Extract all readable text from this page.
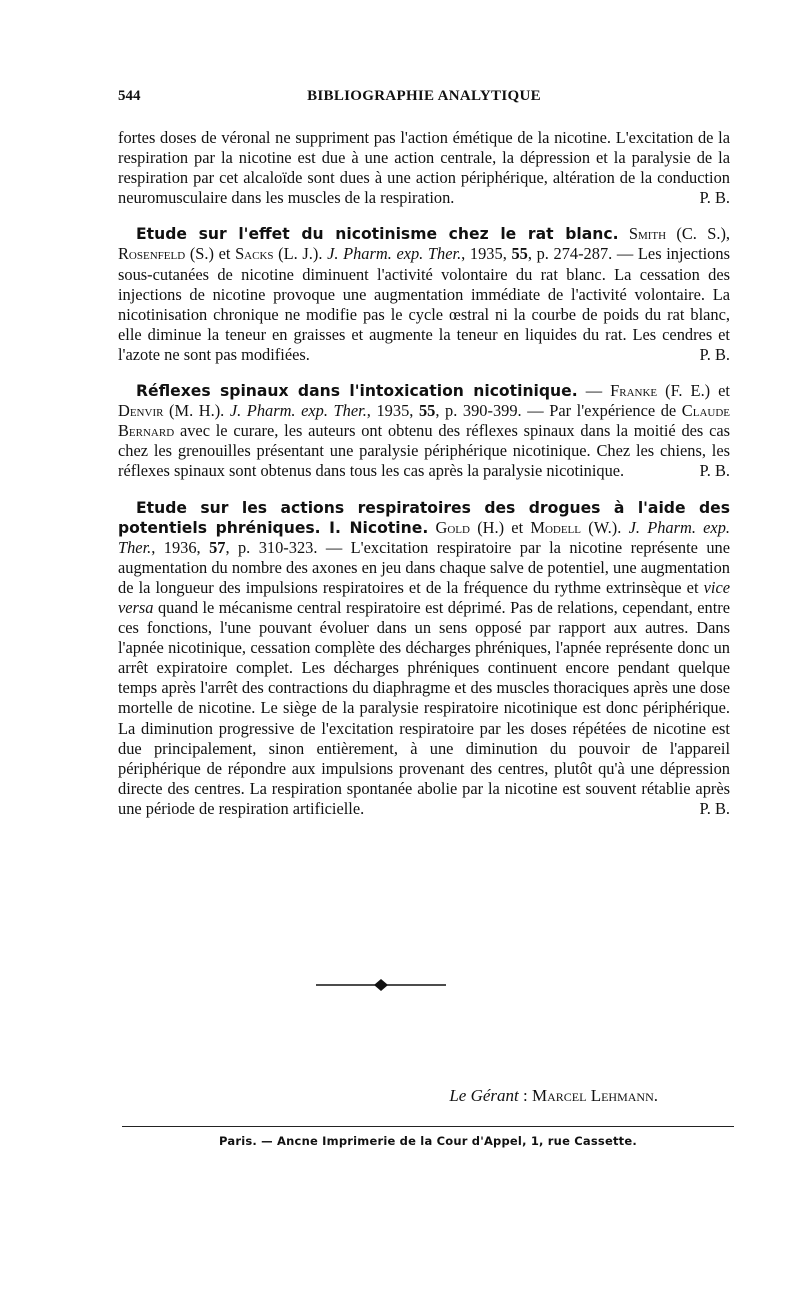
544	BIBLIOGRAPHIE ANALYTIQUE

fortes doses de véronal ne suppriment pas l'action émétique de la nicotine. L'excitation de la respiration par la nicotine est due à une action centrale, la dépression et la paralysie de la respiration par cet alcaloïde sont dues à une action périphérique, altération de la conduction neuromusculaire dans les muscles de la respiration.	P. B.

Etude sur l'effet du nicotinisme chez le rat blanc. Smith (C. S.), Rosenfeld (S.) et Sacks (L. J.). J. Pharm. exp. Ther., 1935, 55, p. 274-287. — Les injections sous-cutanées de nicotine diminuent l'activité volontaire du rat blanc. La cessation des injections de nicotine provoque une augmentation immédiate de l'activité volontaire. La nicotinisation chronique ne modifie pas le cycle œstral ni la courbe de poids du rat blanc, elle diminue la teneur en graisses et augmente la teneur en liquides du rat. Les cendres et l'azote ne sont pas modifiées.	P. B.

Réflexes spinaux dans l'intoxication nicotinique. — Franke (F. E.) et Denvir (M. H.). J. Pharm. exp. Ther., 1935, 55, p. 390-399. — Par l'expérience de Claude Bernard avec le curare, les auteurs ont obtenu des réflexes spinaux dans la moitié des cas chez les grenouilles présentant une paralysie périphérique nicotinique. Chez les chiens, les réflexes spinaux sont obtenus dans tous les cas après la paralysie nicotinique.	P. B.

Etude sur les actions respiratoires des drogues à l'aide des potentiels phréniques. I. Nicotine. Gold (H.) et Modell (W.). J. Pharm. exp. Ther., 1936, 57, p. 310-323. — L'excitation respiratoire par la nicotine représente une augmentation du nombre des axones en jeu dans chaque salve de potentiel, une augmentation de la longueur des impulsions respiratoires et de la fréquence du rythme extrinsèque et vice versa quand le mécanisme central respiratoire est déprimé. Pas de relations, cependant, entre ces fonctions, l'une pouvant évoluer dans un sens opposé par rapport aux autres. Dans l'apnée nicotinique, cessation complète des décharges phréniques, l'apnée représente donc un arrêt expiratoire complet. Les décharges phréniques continuent encore pendant quelque temps après l'arrêt des contractions du diaphragme et des muscles thoraciques après une dose mortelle de nicotine. Le siège de la paralysie respiratoire nicotinique est donc périphérique. La diminution progressive de l'excitation respiratoire par les doses répétées de nicotine est due principalement, sinon entièrement, à une diminution du pouvoir de l'appareil périphérique de répondre aux impulsions provenant des centres, plutôt qu'à une dépression directe des centres. La respiration spontanée abolie par la nicotine est souvent rétablie après une période de respiration artificielle.	P. B.

Le Gérant : Marcel Lehmann.
Paris. — Ancne Imprimerie de la Cour d'Appel, 1, rue Cassette.
